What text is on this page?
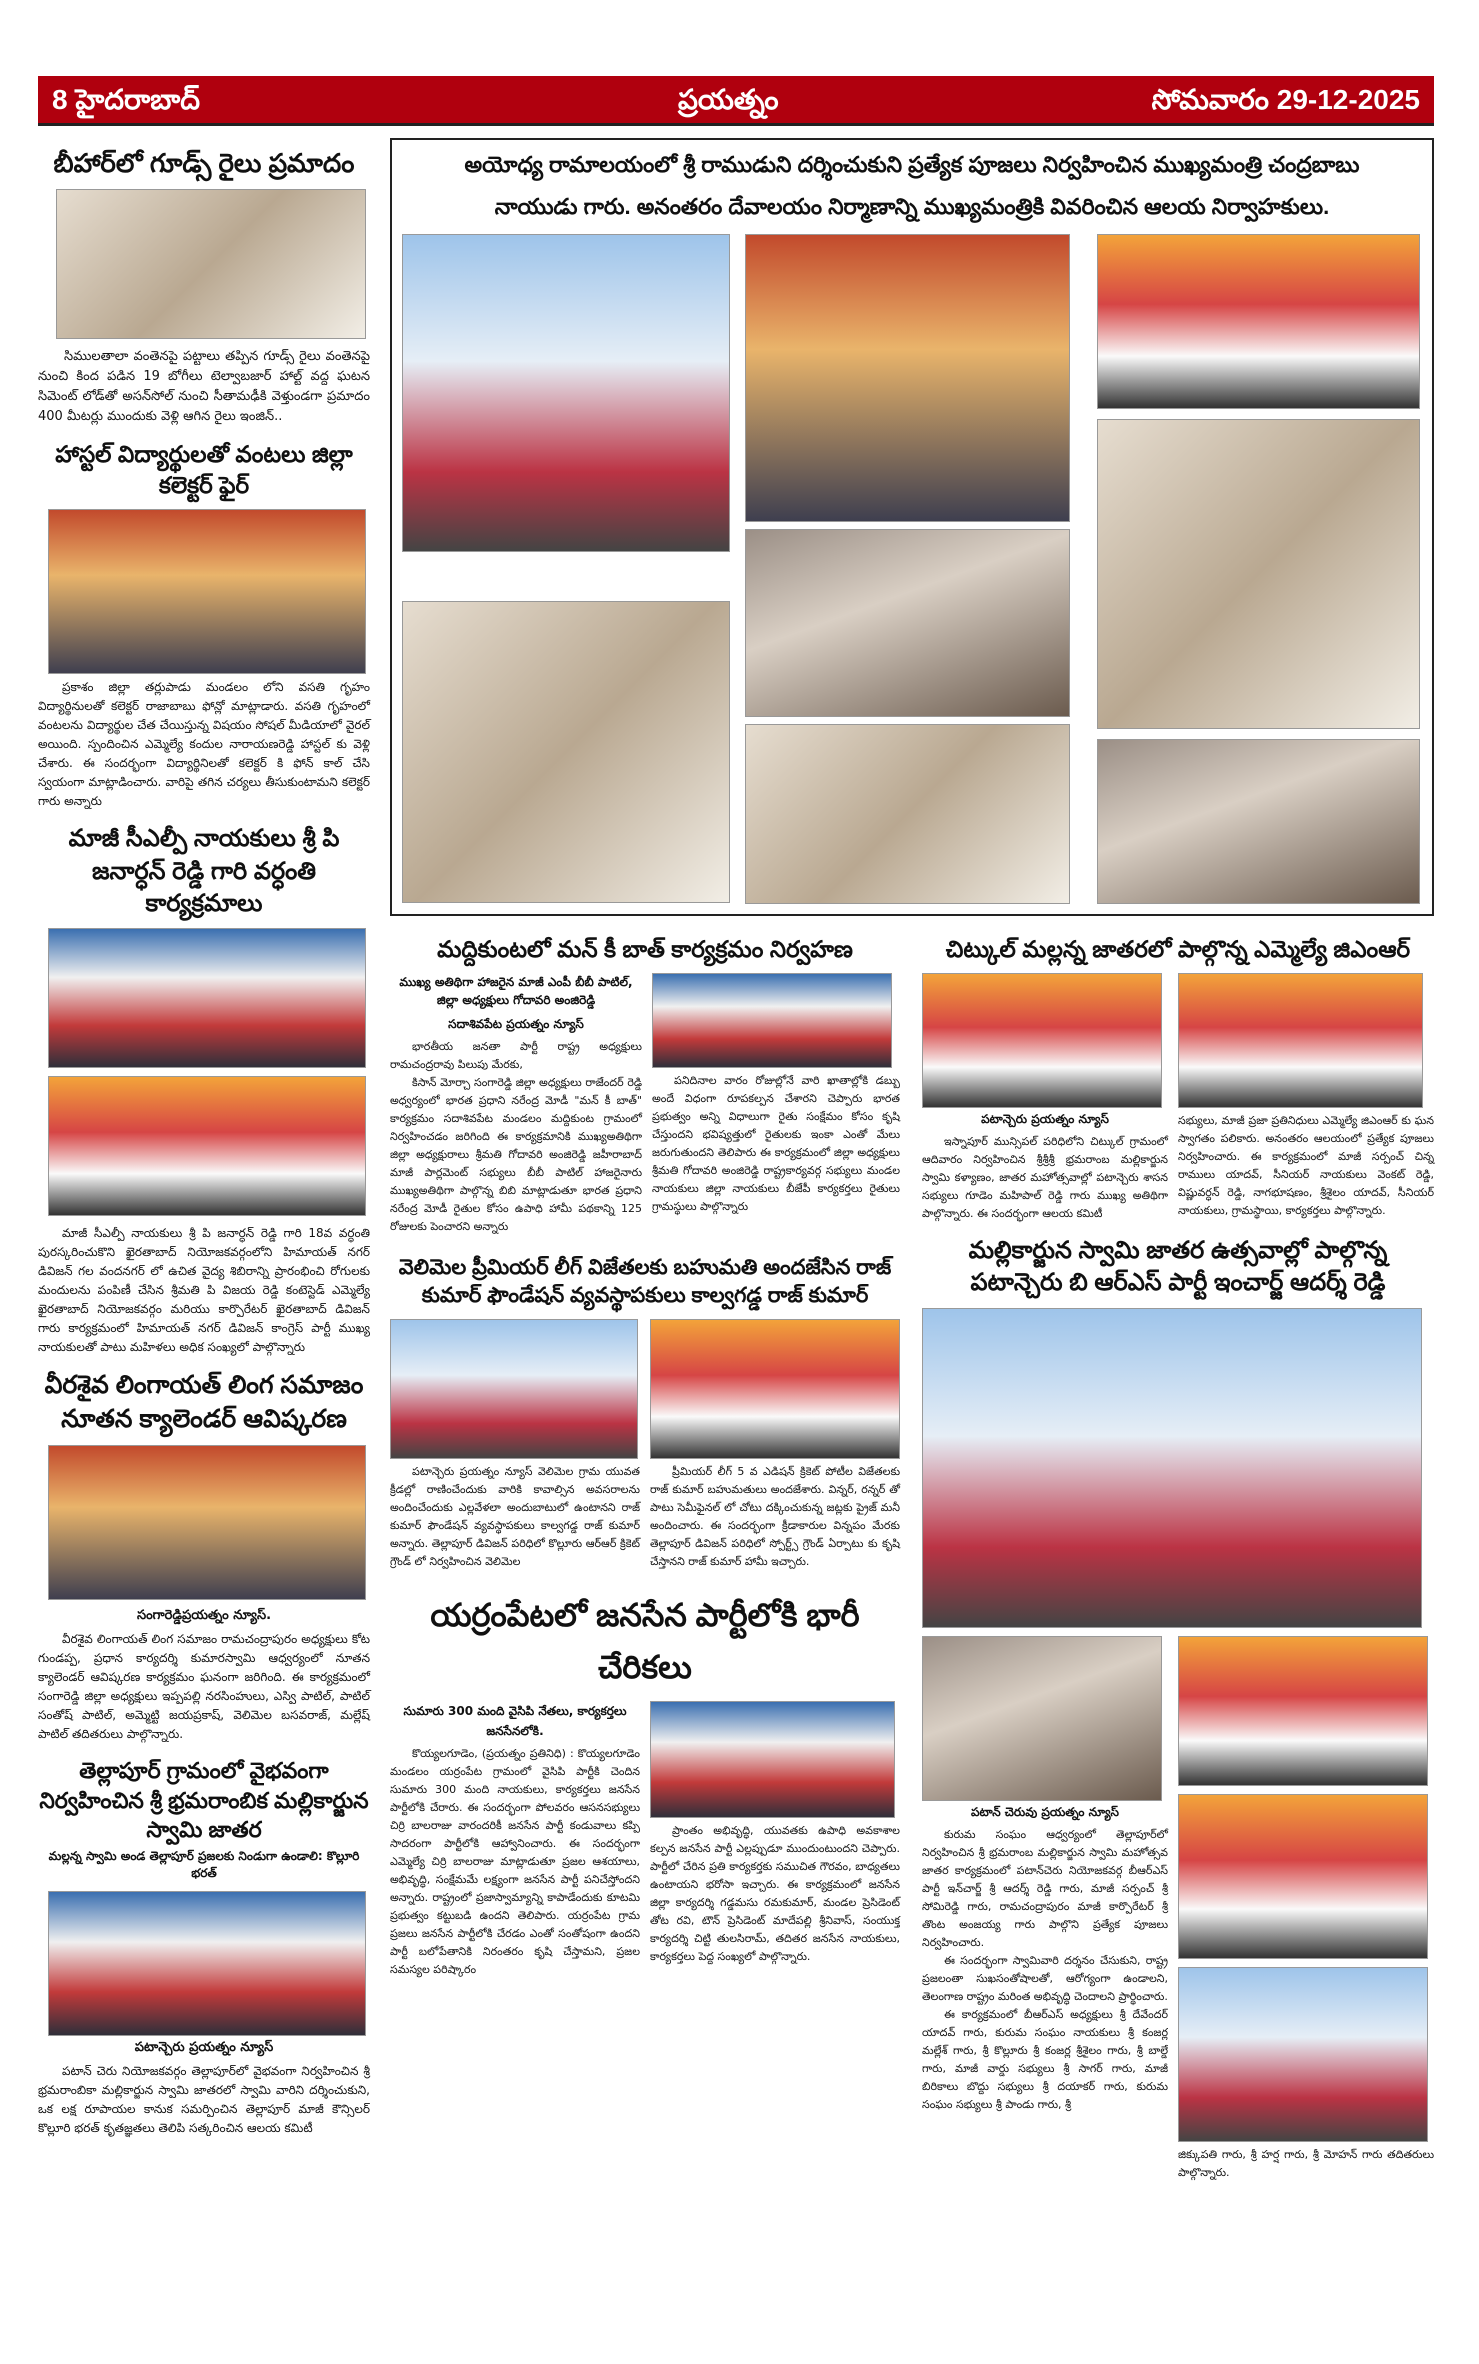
8 హైదరాబాద్	ప్రయత్నం	సోమవారం 29-12-2025
బీహార్‌లో గూడ్స్ రైలు ప్రమాదం
సిములతాలా వంతెనపై పట్టాలు తప్పిన గూడ్స్ రైలు వంతెనపై నుంచి కింద పడిన 19 బోగీలు టెల్వాబజార్ హాల్ట్ వద్ద ఘటన సిమెంట్ లోడ్‌తో అసన్‌సోల్ నుంచి సీతామఢీకి వెళ్తుండగా ప్రమాదం 400 మీటర్లు ముందుకు వెళ్లి ఆగిన రైలు ఇంజిన్..
హాస్టల్ విద్యార్థులతో వంటలు జిల్లా కలెక్టర్ ఫైర్
ప్రకాశం జిల్లా తర్లుపాడు మండలం లోని వసతి గృహం విద్యార్థినులతో కలెక్టర్ రాజాబాబు ఫోన్లో మాట్లాడారు. వసతి గృహంలో వంటలను విద్యార్థుల చేత చేయిస్తున్న విషయం సోషల్ మీడియాలో వైరల్ అయింది. స్పందించిన ఎమ్మెల్యే కందుల నారాయణరెడ్డి హాస్టల్‌ కు వెళ్లి చేశారు. ఈ సందర్భంగా విద్యార్థినిలతో కలెక్టర్ కి ఫోన్ కాల్ చేసి స్వయంగా మాట్లాడించారు. వారిపై తగిన చర్యలు తీసుకుంటామని కలెక్టర్ గారు అన్నారు
మాజీ సీఎల్పీ నాయకులు శ్రీ పి జనార్ధన్ రెడ్డి గారి వర్ధంతి కార్యక్రమాలు
మాజీ సీఎల్పీ నాయకులు శ్రీ పి జనార్ధన్ రెడ్డి గారి 18వ వర్ధంతి పురస్కరించుకొని ఖైరతాబాద్ నియోజకవర్గంలోని హిమాయత్ నగర్ డివిజన్ గల వందనగర్ లో ఉచిత వైద్య శిబిరాన్ని ప్రారంభించి రోగులకు మందులను పంపిణీ చేసిన శ్రీమతి పి విజయ రెడ్డి కంటెస్టెడ్ ఎమ్మెల్యే ఖైరతాబాద్ నియోజకవర్గం మరియు కార్పొరేటర్ ఖైరతాబాద్ డివిజన్ గారు కార్యక్రమంలో హిమాయత్ నగర్ డివిజన్ కాంగ్రెస్ పార్టీ ముఖ్య నాయకులతో పాటు మహిళలు అధిక సంఖ్యలో పాల్గొన్నారు
వీరశైవ లింగాయత్ లింగ సమాజం నూతన క్యాలెండర్ ఆవిష్కరణ
సంగారెడ్డిప్రయత్నం న్యూస్.
వీరశైవ లింగాయత్ లింగ సమాజం రామచంద్రాపురం అధ్యక్షులు కోట గుండప్ప, ప్రధాన కార్యదర్శి కుమారస్వామి ఆధ్వర్యంలో నూతన క్యాలెండర్ ఆవిష్కరణ కార్యక్రమం ఘనంగా జరిగింది. ఈ కార్యక్రమంలో సంగారెడ్డి జిల్లా అధ్యక్షులు ఇప్పపల్లి నరసింహులు, ఎస్వి పాటిల్, పాటిల్ సంతోష్ పాటిల్, అమ్మెట్టి జయప్రకాష్, వెలిమెల బసవరాజ్, మల్లేష్ పాటిల్ తదితరులు పాల్గొన్నారు.
తెల్లాపూర్ గ్రామంలో వైభవంగా నిర్వహించిన శ్రీ భ్రమరాంబిక మల్లికార్జున స్వామి జాతర
మల్లన్న స్వామి అండ తెల్లాపూర్ ప్రజలకు నిండుగా ఉండాలి: కొల్లూరి భరత్
పటాన్చెరు ప్రయత్నం న్యూస్
పటాన్ చెరు నియోజకవర్గం తెల్లాపూర్‌లో వైభవంగా నిర్వహించిన శ్రీ భ్రమరాంబికా మల్లికార్జున స్వామి జాతరలో స్వామి వారిని దర్శించుకుని, ఒక లక్ష రూపాయల కానుక సమర్పించిన తెల్లాపూర్ మాజీ కౌన్సిలర్ కొల్లూరి భరత్ కృతజ్ఞతలు తెలిపి సత్కరించిన ఆలయ కమిటీ
అయోధ్య రామాలయంలో శ్రీ రాముడుని దర్శించుకుని ప్రత్యేక పూజలు నిర్వహించిన ముఖ్యమంత్రి చంద్రబాబు
నాయుడు గారు. అనంతరం దేవాలయం నిర్మాణాన్ని ముఖ్యమంత్రికి వివరించిన ఆలయ నిర్వాహకులు.
మద్దికుంటలో మన్ కీ బాత్ కార్యక్రమం నిర్వహణ
ముఖ్య అతిథిగా హాజరైన మాజీ ఎంపీ బీబీ పాటిల్, జిల్లా అధ్యక్షులు గోదావరి అంజిరెడ్డి
సదాశివపేట ప్రయత్నం న్యూస్
భారతీయ జనతా పార్టీ రాష్ట్ర అధ్యక్షులు రామచంద్రరావు పిలుపు మేరకు,
కిసాన్ మోర్చా సంగారెడ్డి జిల్లా అధ్యక్షులు రాజేందర్ రెడ్డి అధ్వర్యంలో భారత ప్రధాని నరేంద్ర మోడీ "మన్ కీ బాత్" కార్యక్రమం సదాశివపేట మండలం మద్దికుంట గ్రామంలో నిర్వహించడం జరిగింది ఈ కార్యక్రమానికి ముఖ్యఅతిథిగా జిల్లా అధ్యక్షురాలు శ్రీమతి గోదావరి అంజిరెడ్డి జహీరాబాద్ మాజీ పార్లమెంట్ సభ్యులు బీబీ పాటిల్ హాజరైనారు ముఖ్యఅతిథిగా పాల్గొన్న బిబి మాట్లాడుతూ భారత ప్రధాని నరేంద్ర మోడీ రైతుల కోసం ఉపాధి హామీ పథకాన్ని 125 రోజులకు పెంచారని అన్నారు
పనిదినాల వారం రోజుల్లోనే వారి ఖాతాల్లోకి డబ్బు అందే విధంగా రూపకల్పన చేశారని చెప్పారు భారత ప్రభుత్వం అన్ని విధాలుగా రైతు సంక్షేమం కోసం కృషి చేస్తుందని భవిష్యత్తులో రైతులకు ఇంకా ఎంతో మేలు జరుగుతుందని తెలిపారు ఈ కార్యక్రమంలో జిల్లా అధ్యక్షులు శ్రీమతి గోదావరి అంజిరెడ్డి రాష్ట్రకార్యవర్గ సభ్యులు మండల నాయకులు జిల్లా నాయకులు బీజేపీ కార్యకర్తలు రైతులు గ్రామస్థులు పాల్గొన్నారు
వెలిమెల ప్రీమియర్ లీగ్ విజేతలకు బహుమతి అందజేసిన రాజ్ కుమార్ ఫౌండేషన్ వ్యవస్థాపకులు కాల్వగడ్డ రాజ్ కుమార్
పటాన్చెరు ప్రయత్నం న్యూస్ వెలిమెల గ్రామ యువత క్రీడల్లో రాణించేందుకు వారికి కావాల్సిన అవసరాలను అందించేందుకు ఎల్లవేళలా అందుబాటులో ఉంటానని రాజ్ కుమార్ ఫౌండేషన్ వ్యవస్థాపకులు కాల్వగడ్డ రాజ్ కుమార్ అన్నారు. తెల్లాపూర్ డివిజన్ పరిధిలో కొల్లూరు ఆర్ఆర్ క్రికెట్ గ్రౌండ్ లో నిర్వహించిన వెలిమెల
ప్రీమియర్ లీగ్ 5 వ ఎడిషన్ క్రికెట్ పోటీల విజేతలకు రాజ్ కుమార్ బహుమతులు అందజేశారు. విన్నర్, రన్నర్ తో పాటు సెమీఫైనల్ లో చోటు దక్కించుకున్న జట్లకు ప్రైజ్ మనీ అందించారు. ఈ సందర్భంగా క్రీడాకారుల విన్నపం మేరకు తెల్లాపూర్ డివిజన్ పరిధిలో స్పోర్ట్స్ గ్రౌండ్ ఏర్పాటు కు కృషి చేస్తానని రాజ్ కుమార్ హామీ ఇచ్చారు.
యర్రంపేటలో జనసేన పార్టీలోకి భారీ చేరికలు
సుమారు 300 మంది వైసిపి నేతలు, కార్యకర్తలు జనసేనలోకి.
కొయ్యలగూడెం, (ప్రయత్నం ప్రతినిధి) : కొయ్యలగూడెం మండలం యర్రంపేట గ్రామంలో వైసిపి పార్టీకి చెందిన సుమారు 300 మంది నాయకులు, కార్యకర్తలు జనసేన పార్టీలోకి చేరారు. ఈ సందర్భంగా పోలవరం ఆసనసభ్యులు చిర్రి బాలరాజు వారందరికీ జనసేన పార్టీ కండువాలు కప్పి సాదరంగా పార్టీలోకి ఆహ్వానించారు. ఈ సందర్భంగా ఎమ్మెల్యే చిర్రి బాలరాజు మాట్లాడుతూ ప్రజల ఆశయాలు, అభివృద్ధి, సంక్షేమమే లక్ష్యంగా జనసేన పార్టీ పనిచేస్తోందని అన్నారు. రాష్ట్రంలో ప్రజాస్వామ్యాన్ని కాపాడేందుకు కూటమి ప్రభుత్వం కట్టుబడి ఉందని తెలిపారు. యర్రంపేట గ్రామ ప్రజలు జనసేన పార్టీలోకి చేరడం ఎంతో సంతోషంగా ఉందని పార్టీ బలోపేతానికి నిరంతరం కృషి చేస్తామని, ప్రజల సమస్యల పరిష్కారం
ప్రాంతం అభివృద్ధి, యువతకు ఉపాధి అవకాశాల కల్పన జనసేన పార్టీ ఎల్లప్పుడూ ముందుంటుందని చెప్పారు. పార్టీలో చేరిన ప్రతి కార్యకర్తకు సముచిత గౌరవం, బాధ్యతలు ఉంటాయని భరోసా ఇచ్చారు. ఈ కార్యక్రమంలో జనసేన జిల్లా కార్యదర్శి గడ్డమసు రమకుమార్, మండల ప్రెసిడెంట్ తోట రవి, టౌన్ ప్రెసిడెంట్ మాదేపల్లి శ్రీనివాస్, సంయుక్త కార్యదర్శి చిట్టి తులసిరామ్, తదితర జనసేన నాయకులు, కార్యకర్తలు పెద్ద సంఖ్యలో పాల్గొన్నారు.
చిట్కుల్ మల్లన్న జాతరలో పాల్గొన్న ఎమ్మెల్యే జిఎంఆర్
పటాన్చెరు ప్రయత్నం న్యూస్
ఇస్నాపూర్ మున్సిపల్ పరిధిలోని చిట్కుల్ గ్రామంలో ఆదివారం నిర్వహించిన శ్రీశ్రీశ్రీ భ్రమరాంబ మల్లికార్జున స్వామి కళ్యాణం, జాతర మహోత్సవాల్లో పటాన్చెరు శాసన సభ్యులు గూడెం మహిపాల్ రెడ్డి గారు ముఖ్య అతిథిగా పాల్గొన్నారు. ఈ సందర్భంగా ఆలయ కమిటీ
సభ్యులు, మాజీ ప్రజా ప్రతినిధులు ఎమ్మెల్యే జిఎంఆర్ కు ఘన స్వాగతం పలికారు. అనంతరం ఆలయంలో ప్రత్యేక పూజలు నిర్వహించారు. ఈ కార్యక్రమంలో మాజీ సర్పంచ్ చిన్న రాములు యాదవ్, సీనియర్ నాయకులు వెంకట్ రెడ్డి, విష్ణువర్ధన్ రెడ్డి, నాగభూషణం, శ్రీశైలం యాదవ్, సీనియర్ నాయకులు, గ్రామస్థాయి, కార్యకర్తలు పాల్గొన్నారు.
మల్లికార్జున స్వామి జాతర ఉత్సవాల్లో పాల్గొన్న పటాన్చెరు బి ఆర్ఎస్ పార్టీ ఇంచార్జ్ ఆదర్శ్ రెడ్డి
పటాన్ చెరువు ప్రయత్నం న్యూస్
కురుమ సంఘం ఆధ్వర్యంలో తెల్లాపూర్‌లో నిర్వహించిన శ్రీ భ్రమరాంబ మల్లికార్జున స్వామి మహోత్సవ జాతర కార్యక్రమంలో పటాన్‌చెరు నియోజకవర్గ బీఆర్ఎస్ పార్టీ ఇన్‌చార్జ్ శ్రీ ఆదర్శ్ రెడ్డి గారు, మాజీ సర్పంచ్ శ్రీ సోమిరెడ్డి గారు, రామచంద్రాపురం మాజీ కార్పొరేటర్ శ్రీ తొంట అంజయ్య గారు పాల్గొని ప్రత్యేక పూజలు నిర్వహించారు.
ఈ సందర్భంగా స్వామివారి దర్శనం చేసుకుని, రాష్ట్ర ప్రజలంతా సుఖసంతోషాలతో, ఆరోగ్యంగా ఉండాలని, తెలంగాణ రాష్ట్రం మరింత అభివృద్ధి చెందాలని ప్రార్థించారు.
ఈ కార్యక్రమంలో బీఆర్ఎస్ అధ్యక్షులు శ్రీ దేవేందర్ యాదవ్ గారు, కురుమ సంఘం నాయకులు శ్రీ కంజర్ల మల్లేశ్ గారు, శ్రీ కొల్లూరు శ్రీ కంజర్ల శ్రీశైలం గారు, శ్రీ బాల్డే గారు, మాజీ వార్డు సభ్యులు శ్రీ సాగర్ గారు, మాజీ బిరికాలు బొద్దు సభ్యులు శ్రీ దయాకర్ గారు, కురుమ సంఘం సభ్యులు శ్రీ పాండు గారు, శ్రీ
జిక్కుపతి గారు, శ్రీ హర్ష గారు, శ్రీ మోహన్ గారు తదితరులు పాల్గొన్నారు.
